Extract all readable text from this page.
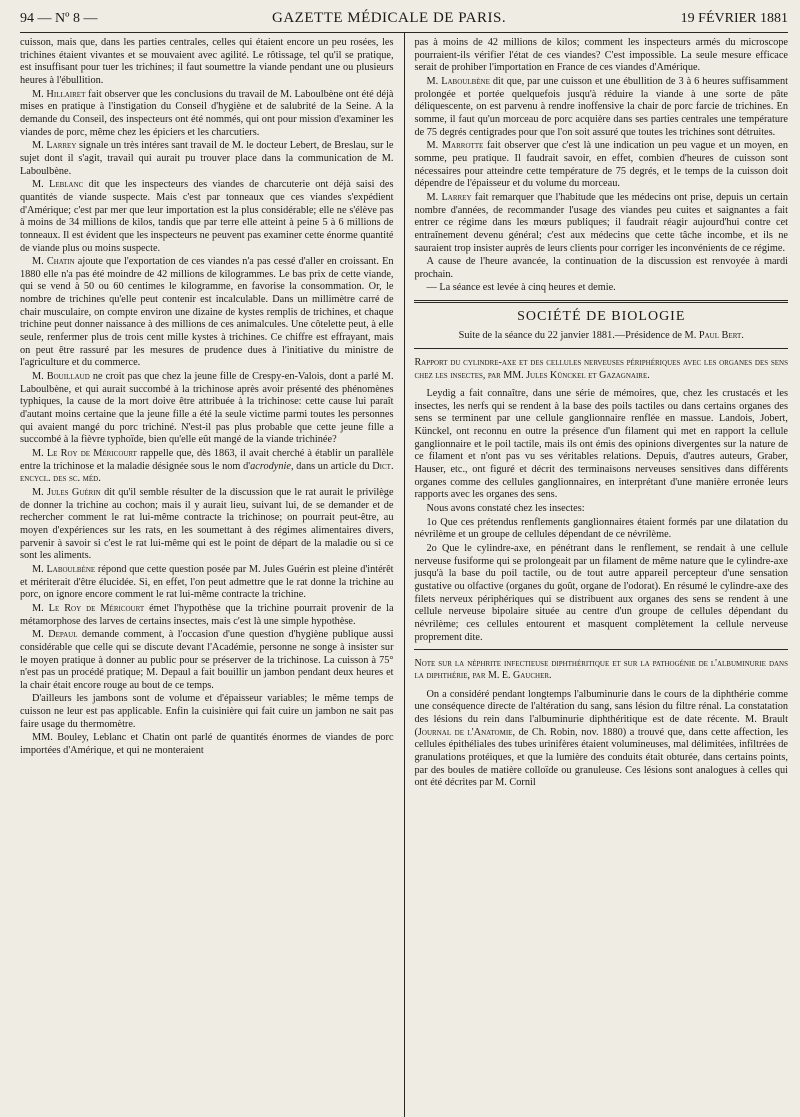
94 — Nº 8 —	GAZETTE MÉDICALE DE PARIS.	19 FÉVRIER 1881

cuisson, mais que, dans les parties centrales, celles qui étaient encore un peu rosées, les trichines étaient vivantes et se mouvaient avec agilité. Le rôtissage, tel qu'il se pratique, est insuffisant pour tuer les trichines; il faut soumettre la viande pendant une ou plusieurs heures à l'ébullition.

M. Hillairet fait observer que les conclusions du travail de M. Laboulbène ont été déjà mises en pratique à l'instigation du Conseil d'hygiène et de salubrité de la Seine. A la demande du Conseil, des inspecteurs ont été nommés, qui ont pour mission d'examiner les viandes de porc, même chez les épiciers et les charcutiers.

M. Larrey signale un très intéres sant travail de M. le docteur Lebert, de Breslau, sur le sujet dont il s'agit, travail qui aurait pu trouver place dans la communication de M. Laboulbène.

M. Leblanc dit que les inspecteurs des viandes de charcuterie ont déjà saisi des quantités de viande suspecte. Mais c'est par tonneaux que ces viandes s'expédient d'Amérique; c'est par mer que leur importation est la plus considérable; elle ne s'élève pas à moins de 34 millions de kilos, tandis que par terre elle atteint à peine 5 à 6 millions de tonneaux. Il est évident que les inspecteurs ne peuvent pas examiner cette énorme quantité de viande plus ou moins suspecte.

M. Chatin ajoute que l'exportation de ces viandes n'a pas cessé d'aller en croissant. En 1880 elle n'a pas été moindre de 42 millions de kilogrammes. Le bas prix de cette viande, qui se vend à 50 ou 60 centimes le kilogramme, en favorise la consommation. Or, le nombre de trichines qu'elle peut contenir est incalculable. Dans un millimètre carré de chair musculaire, on compte environ une dizaine de kystes remplis de trichines, et chaque trichine peut donner naissance à des millions de ces animalcules. Une côtelette peut, à elle seule, renfermer plus de trois cent mille kystes à trichines. Ce chiffre est effrayant, mais on peut être rassuré par les mesures de prudence dues à l'initiative du ministre de l'agriculture et du commerce.

M. Bouillaud ne croit pas que chez la jeune fille de Crespy-en-Valois, dont a parlé M. Laboulbène, et qui aurait succombé à la trichinose après avoir présenté des phénomènes typhiques, la cause de la mort doive être attribuée à la trichinose: cette cause lui paraît d'autant moins certaine que la jeune fille a été la seule victime parmi toutes les personnes qui avaient mangé du porc trichiné. N'est-il pas plus probable que cette jeune fille a succombé à la fièvre typhoïde, bien qu'elle eût mangé de la viande trichinée?

M. Le Roy de Méricourt rappelle que, dès 1863, il avait cherché à établir un parallèle entre la trichinose et la maladie désignée sous le nom d'acrodynie, dans un article du Dict. encycl. des sc. méd.

M. Jules Guérin dit qu'il semble résulter de la discussion que le rat aurait le privilège de donner la trichine au cochon; mais il y aurait lieu, suivant lui, de se demander et de rechercher comment le rat lui-même contracte la trichinose; on pourrait peut-être, au moyen d'expériences sur les rats, en les soumettant à des régimes alimentaires divers, parvenir à savoir si c'est le rat lui-même qui est le point de départ de la maladie ou si ce sont les aliments.

M. Laboulbène répond que cette question posée par M. Jules Guérin est pleine d'intérêt et mériterait d'être élucidée. Si, en effet, l'on peut admettre que le rat donne la trichine au porc, on ignore encore comment le rat lui-même contracte la trichine.

M. Le Roy de Méricourt émet l'hypothèse que la trichine pourrait provenir de la métamorphose des larves de certains insectes, mais c'est là une simple hypothèse.

M. Depaul demande comment, à l'occasion d'une question d'hygiène publique aussi considérable que celle qui se discute devant l'Académie, personne ne songe à insister sur le moyen pratique à donner au public pour se préserver de la trichinose. La cuisson à 75° n'est pas un procédé pratique; M. Depaul a fait bouillir un jambon pendant deux heures et la chair était encore rouge au bout de ce temps.

D'ailleurs les jambons sont de volume et d'épaisseur variables; le même temps de cuisson ne leur est pas applicable. Enfin la cuisinière qui fait cuire un jambon ne sait pas faire usage du thermomètre.

MM. Bouley, Leblanc et Chatin ont parlé de quantités énormes de viandes de porc importées d'Amérique, et qui ne monteraient

pas à moins de 42 millions de kilos; comment les inspecteurs armés du microscope pourraient-ils vérifier l'état de ces viandes? C'est impossible. La seule mesure efficace serait de prohiber l'importation en France de ces viandes d'Amérique.

M. Laboulbène dit que, par une cuisson et une ébullition de 3 à 6 heures suffisamment prolongée et portée quelquefois jusqu'à réduire la viande à une sorte de pâte déliquescente, on est parvenu à rendre inoffensive la chair de porc farcie de trichines. En somme, il faut qu'un morceau de porc acquière dans ses parties centrales une température de 75 degrés centigrades pour que l'on soit assuré que toutes les trichines sont détruites.

M. Marrotte fait observer que c'est là une indication un peu vague et un moyen, en somme, peu pratique. Il faudrait savoir, en effet, combien d'heures de cuisson sont nécessaires pour atteindre cette température de 75 degrés, et le temps de la cuisson doit dépendre de l'épaisseur et du volume du morceau.

M. Larrey fait remarquer que l'habitude que les médecins ont prise, depuis un certain nombre d'années, de recommander l'usage des viandes peu cuites et saignantes a fait entrer ce régime dans les mœurs publiques; il faudrait réagir aujourd'hui contre cet entraînement devenu général; c'est aux médecins que cette tâche incombe, et ils ne sauraient trop insister auprès de leurs clients pour corriger les inconvénients de ce régime.

A cause de l'heure avancée, la continuation de la discussion est renvoyée à mardi prochain.

— La séance est levée à cinq heures et demie.

SOCIÉTÉ DE BIOLOGIE

Suite de la séance du 22 janvier 1881.—Présidence de M. Paul Bert.

Rapport du cylindre-axe et des cellules nerveuses périphériques avec les organes des sens chez les insectes, par MM. Jules Künckel et Gazagnaire.

Leydig a fait connaître, dans une série de mémoires, que, chez les crustacés et les insectes, les nerfs qui se rendent à la base des poils tactiles ou dans certains organes des sens se terminent par une cellule ganglionnaire renflée en massue. Landois, Jobert, Künckel, ont reconnu en outre la présence d'un filament qui met en rapport la cellule ganglionnaire et le poil tactile, mais ils ont émis des opinions divergentes sur la nature de ce filament et n'ont pas vu ses véritables relations. Depuis, d'autres auteurs, Graber, Hauser, etc., ont figuré et décrit des terminaisons nerveuses sensitives dans différents organes comme des cellules ganglionnaires, en interprétant d'une manière erronée leurs rapports avec les organes des sens.

Nous avons constaté chez les insectes:

1o Que ces prétendus renflements ganglionnaires étaient formés par une dilatation du névrilème et un groupe de cellules dépendant de ce névrilème.

2o Que le cylindre-axe, en pénétrant dans le renflement, se rendait à une cellule nerveuse fusiforme qui se prolongeait par un filament de même nature que le cylindre-axe jusqu'à la base du poil tactile, ou de tout autre appareil percepteur d'une sensation gustative ou olfactive (organes du goût, organe de l'odorat). En résumé le cylindre-axe des filets nerveux périphériques qui se distribuent aux organes des sens se rendent à une cellule nerveuse bipolaire située au centre d'un groupe de cellules dépendant du névrilème; ces cellules entourent et masquent complètement la cellule nerveuse proprement dite.

Note sur la néphrite infectieuse diphthéritique et sur la pathogénie de l'albuminurie dans la diphthérie, par M. E. Gaucher.

On a considéré pendant longtemps l'albuminurie dans le cours de la diphthérie comme une conséquence directe de l'altération du sang, sans lésion du filtre rénal. La constatation des lésions du rein dans l'albuminurie diphthéritique est de date récente. M. Brault (Journal de l'Anatomie, de Ch. Robin, nov. 1880) a trouvé que, dans cette affection, les cellules épithéliales des tubes urinifères étaient volumineuses, mal délimitées, infiltrées de granulations protéiques, et que la lumière des conduits était obturée, dans certains points, par des boules de matière colloïde ou granuleuse. Ces lésions sont analogues à celles qui ont été décrites par M. Cornil
